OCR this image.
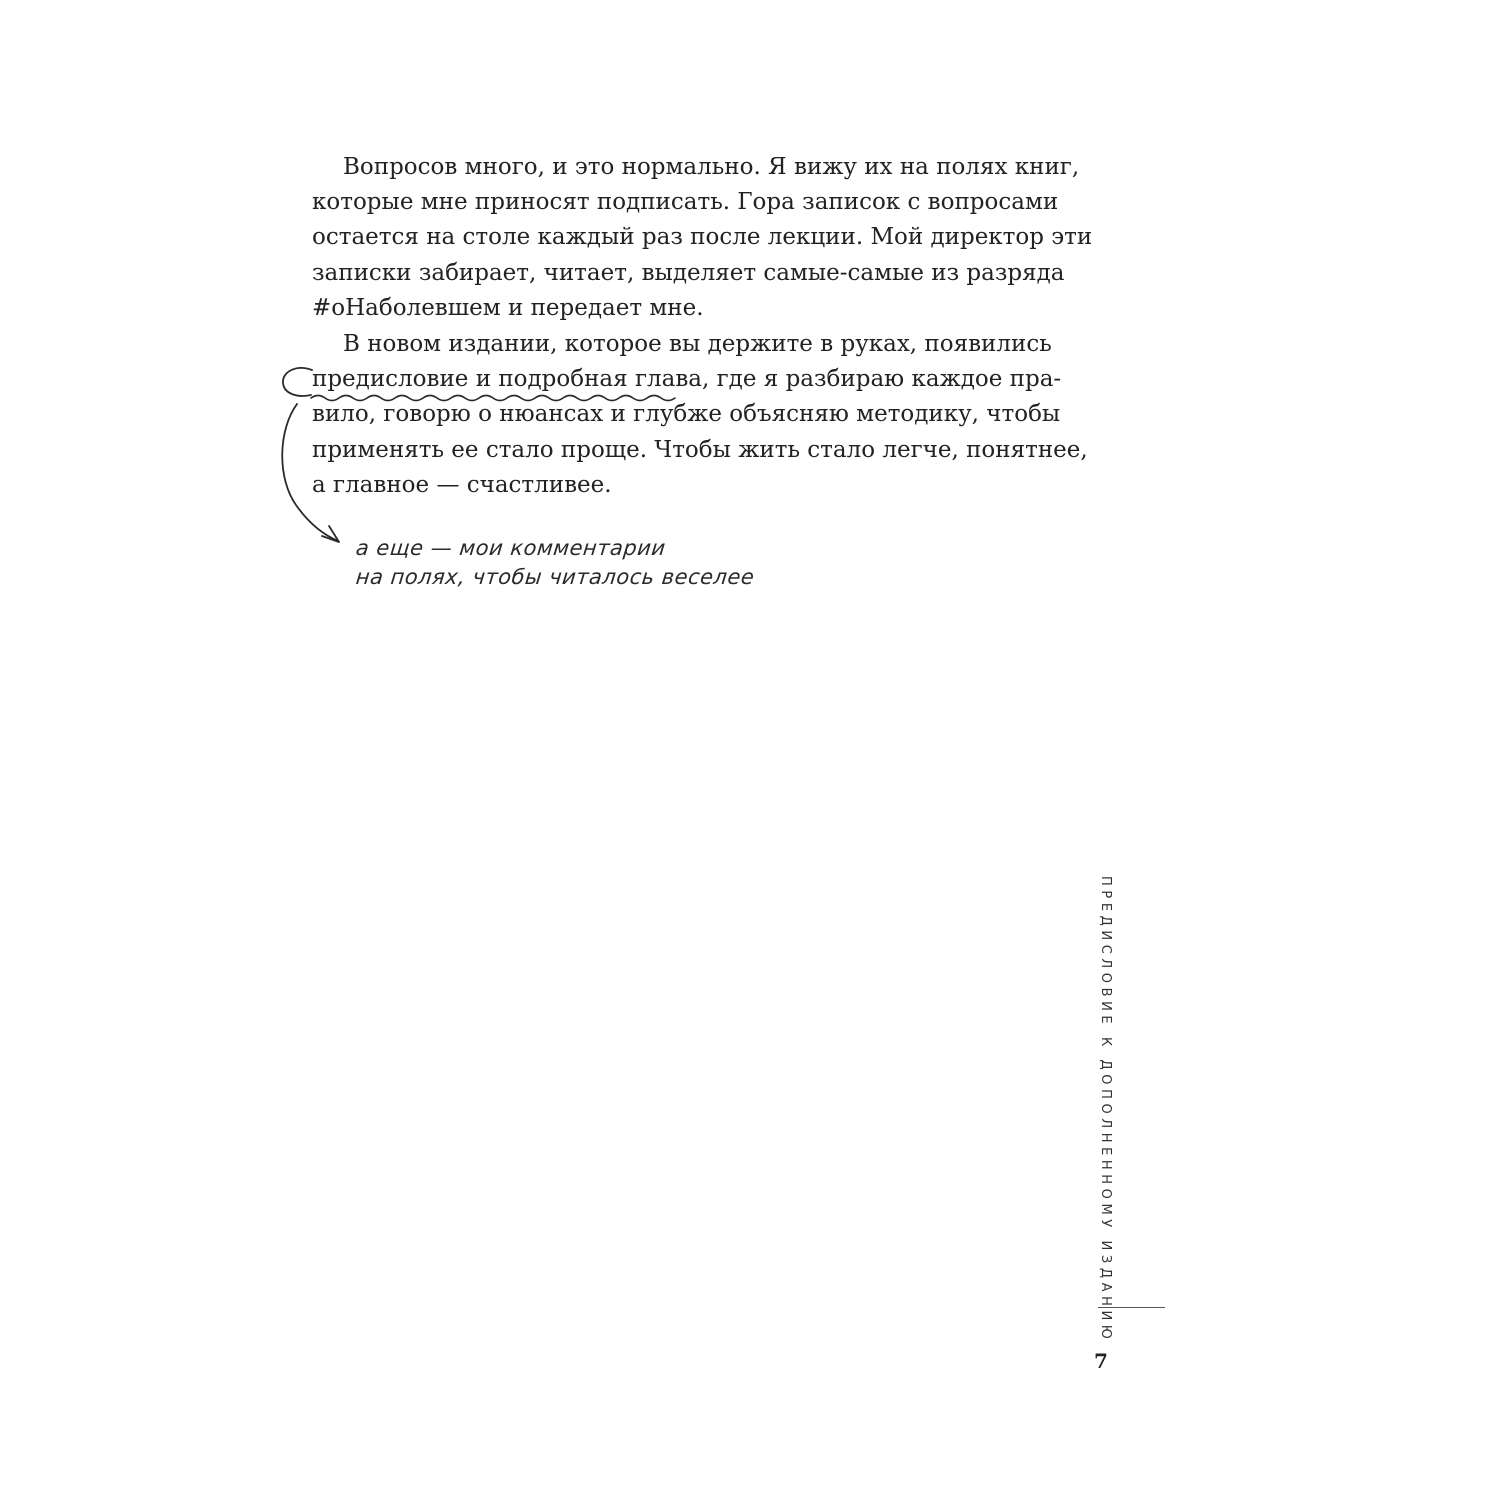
Вопросов много, и это нормально. Я вижу их на полях книг,
которые мне приносят подписать. Гора записок с вопросами
остается на столе каждый раз после лекции. Мой директор эти
записки забирает, читает, выделяет самые-самые из разряда
#оНаболевшем и передает мне.
В новом издании, которое вы держите в руках, появились
предисловие и подробная глава, где я разбираю каждое пра-
вило, говорю о нюансах и глубже объясняю методику, чтобы
применять ее стало проще. Чтобы жить стало легче, понятнее,
а главное — счастливее.
а еще — мои комментарии
на полях, чтобы читалось веселее
ПРЕДИСЛОВИЕ К ДОПОЛНЕННОМУ ИЗДАНИЮ
7
